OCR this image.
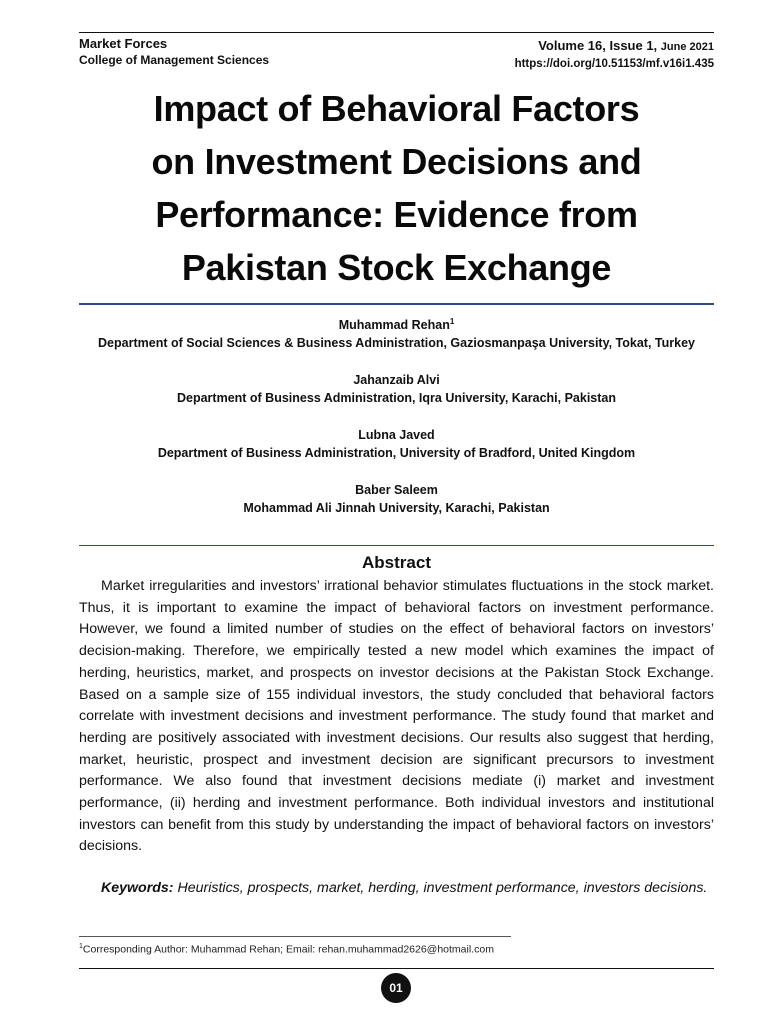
Market Forces
College of Management Sciences
Volume 16, Issue 1, June 2021
https://doi.org/10.51153/mf.v16i1.435
Impact of Behavioral Factors
on Investment Decisions and
Performance: Evidence from
Pakistan Stock Exchange
Muhammad Rehan$^1$
Department of Social Sciences & Business Administration, Gaziosmanpaşa University, Tokat, Turkey
Jahanzaib Alvi
Department of Business Administration, Iqra University, Karachi, Pakistan
Lubna Javed
Department of Business Administration, University of Bradford, United Kingdom
Baber Saleem
Mohammad Ali Jinnah University, Karachi, Pakistan
Abstract

Market irregularities and investors’ irrational behavior stimulates fluctuations in the stock market. Thus, it is important to examine the impact of behavioral factors on investment performance. However, we found a limited number of studies on the effect of behavioral factors on investors’ decision-making. Therefore, we empirically tested a new model which examines the impact of herding, heuristics, market, and prospects on investor decisions at the Pakistan Stock Exchange. Based on a sample size of 155 individual investors, the study concluded that behavioral factors correlate with investment decisions and investment performance. The study found that market and herding are positively associated with investment decisions. Our results also suggest that herding, market, heuristic, prospect and investment decision are significant precursors to investment performance. We also found that investment decisions mediate (i) market and investment performance, (ii) herding and investment performance. Both individual investors and institutional investors can benefit from this study by understanding the impact of behavioral factors on investors’ decisions.

Keywords: Heuristics, prospects, market, herding, investment performance, investors decisions.

$^1$Corresponding Author: Muhammad Rehan; Email: rehan.muhammad2626@hotmail.com
01
